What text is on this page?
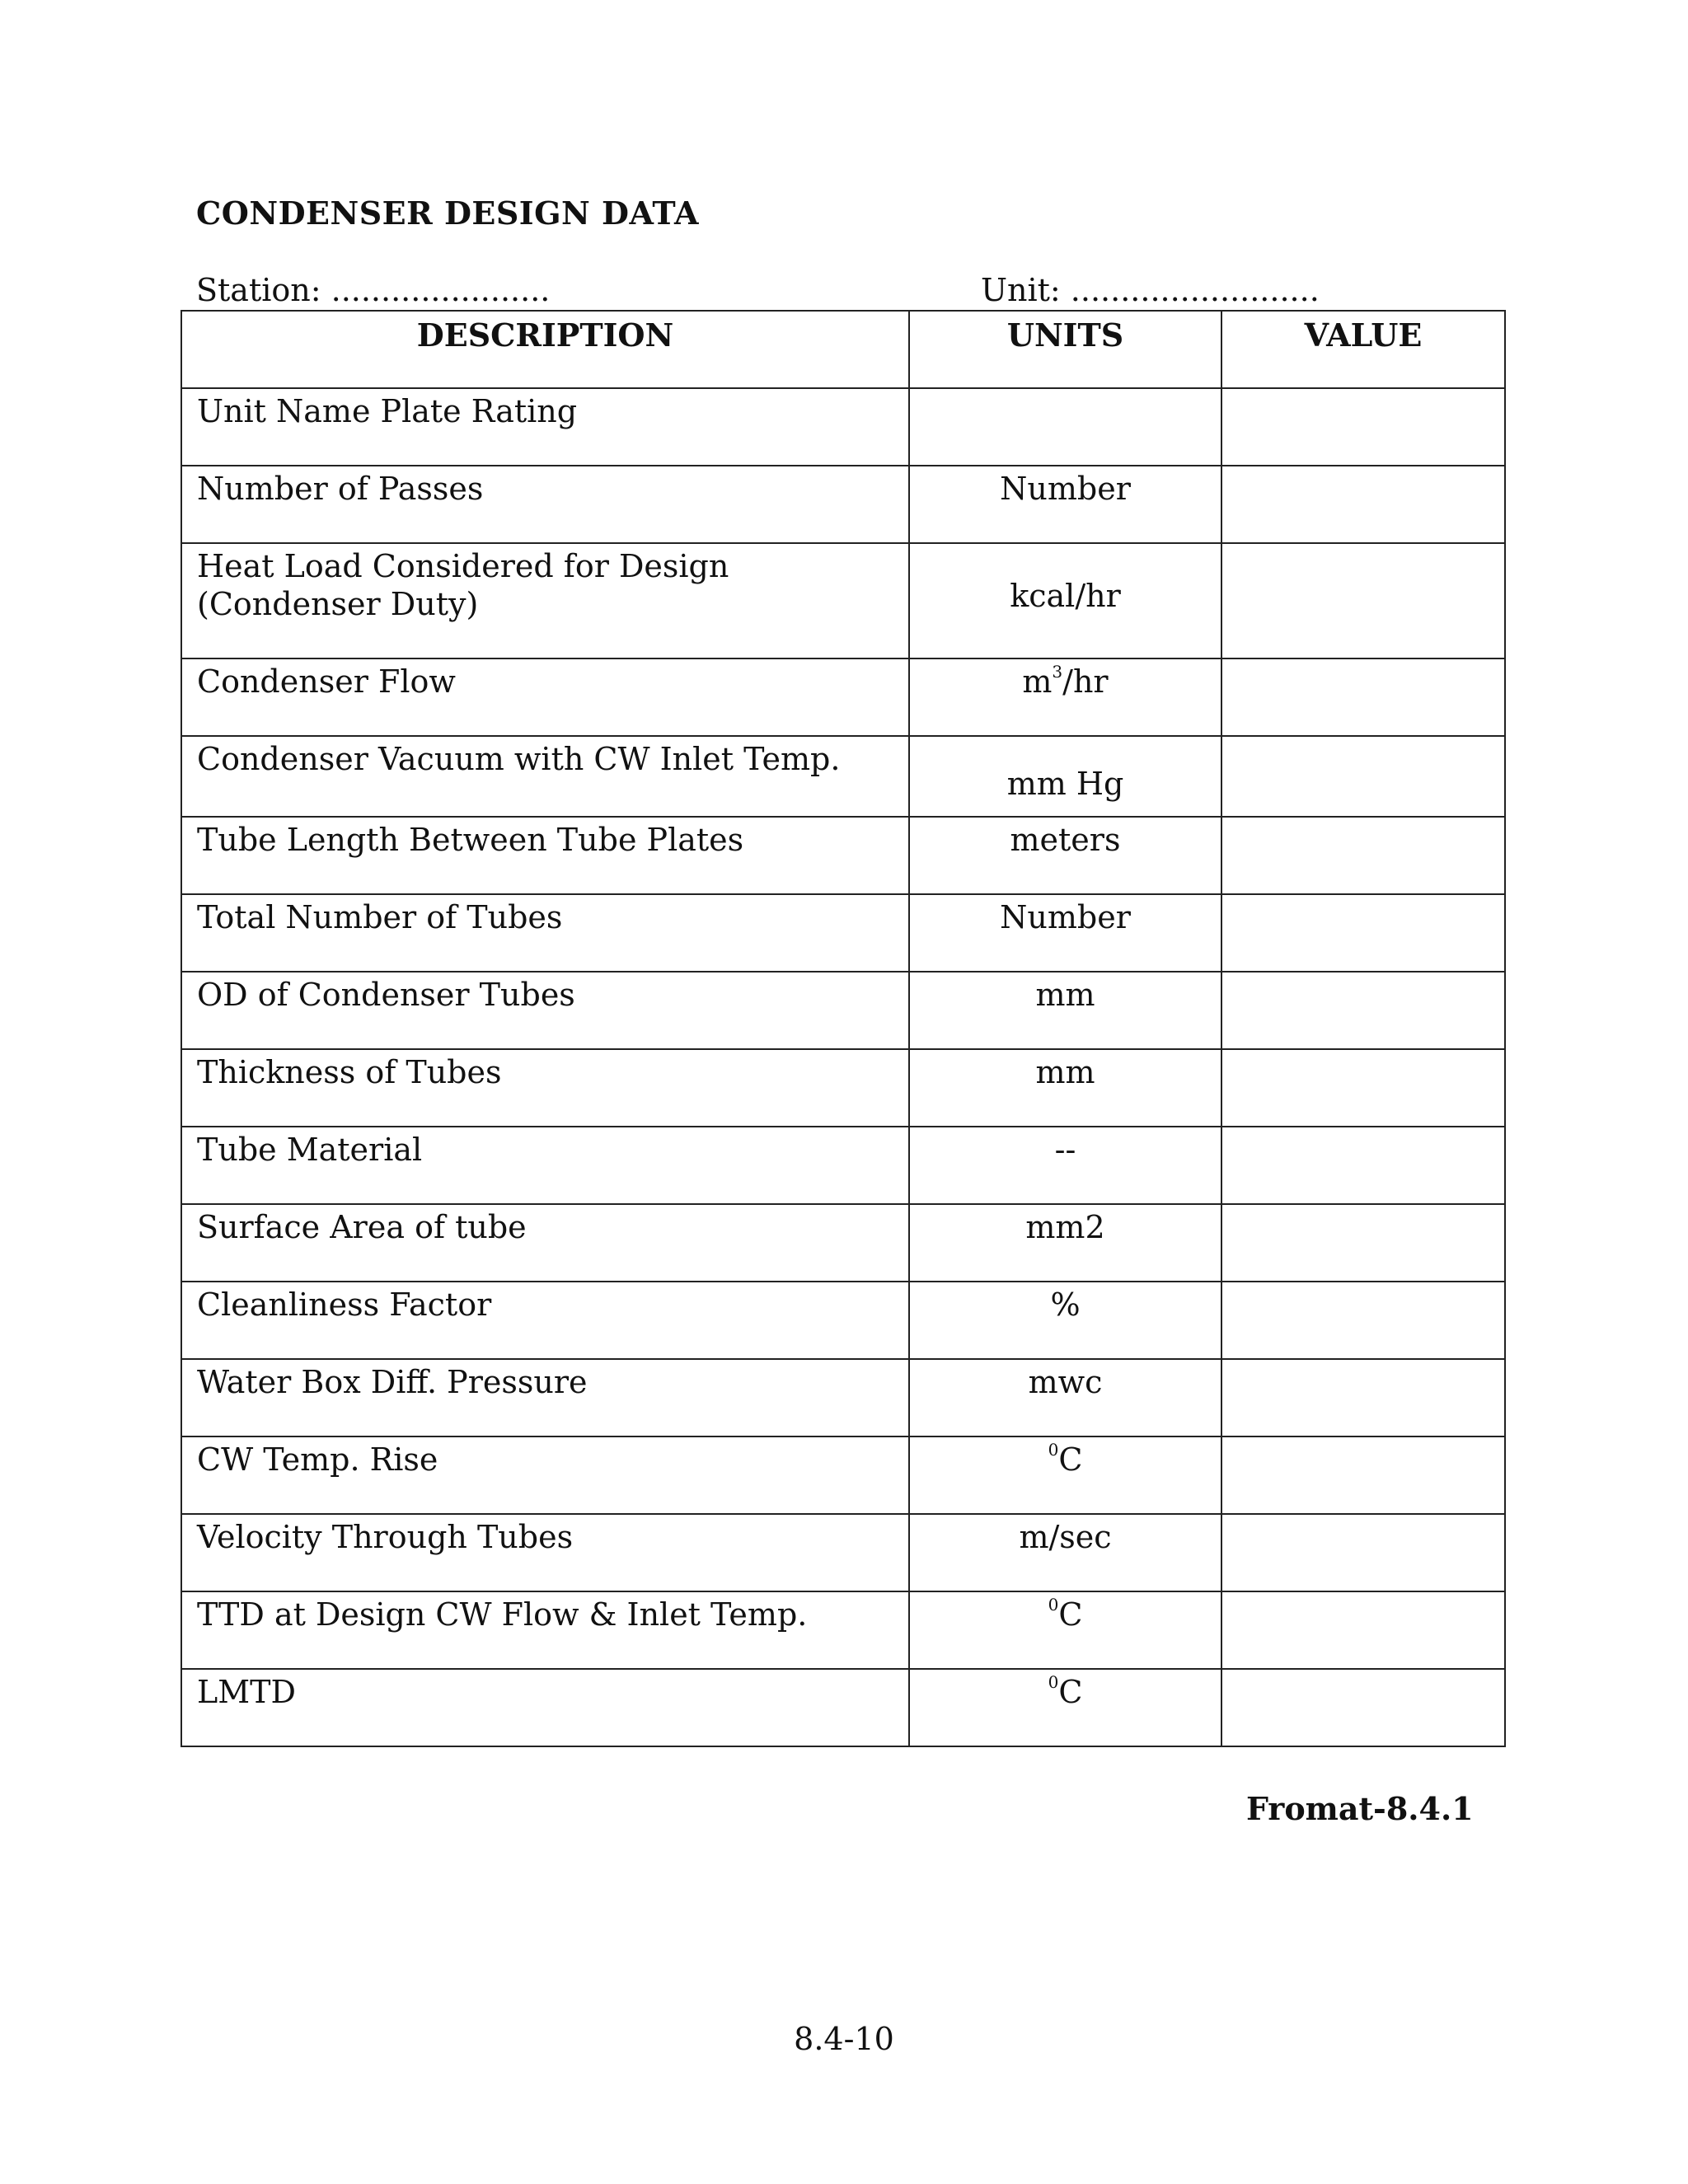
CONDENSER DESIGN DATA
Station: ......................	Unit: .........................
DESCRIPTION	UNITS	VALUE
Unit Name Plate Rating		
Number of Passes	Number	

Heat Load Considered for Design
(Condenser Duty)	kcal/hr	
Condenser Flow	$m^3/hr$	
Condenser Vacuum with CW Inlet Temp.	mm Hg	
Tube Length Between Tube Plates	meters	
Total Number of Tubes	Number	
OD of Condenser Tubes	mm	
Thickness of Tubes	mm	
Tube Material	--	
Surface Area of tube	mm2	
Cleanliness Factor	%	
Water Box Diff. Pressure	mwc	
CW Temp. Rise	$^0$C	
Velocity Through Tubes	m/sec	
TTD at Design CW Flow & Inlet Temp.	$^0$C	
LMTD	$^0$C	
Fromat-8.4.1
8.4-10
